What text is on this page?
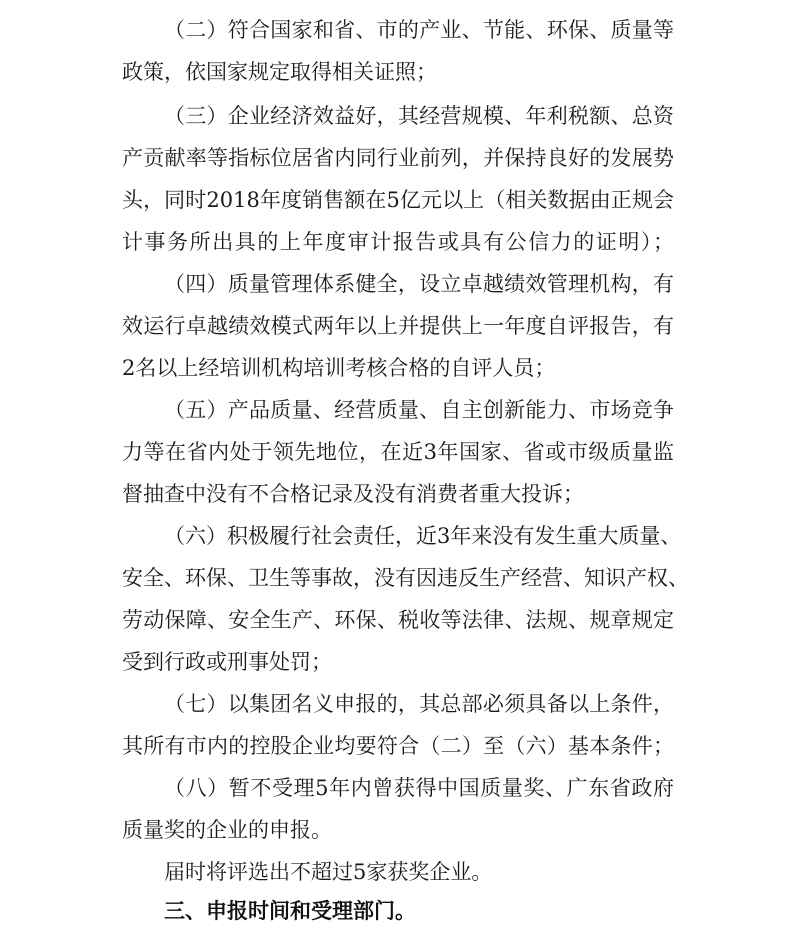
（二）符合国家和省、市的产业、节能、环保、质量等
政策，依国家规定取得相关证照；
（三）企业经济效益好，其经营规模、年利税额、总资
产贡献率等指标位居省内同行业前列，并保持良好的发展势
头，同时2018年度销售额在5亿元以上（相关数据由正规会
计事务所出具的上年度审计报告或具有公信力的证明）；
（四）质量管理体系健全，设立卓越绩效管理机构，有
效运行卓越绩效模式两年以上并提供上一年度自评报告，有
2名以上经培训机构培训考核合格的自评人员；
（五）产品质量、经营质量、自主创新能力、市场竞争
力等在省内处于领先地位，在近3年国家、省或市级质量监
督抽查中没有不合格记录及没有消费者重大投诉；
（六）积极履行社会责任，近3年来没有发生重大质量、
安全、环保、卫生等事故，没有因违反生产经营、知识产权、
劳动保障、安全生产、环保、税收等法律、法规、规章规定
受到行政或刑事处罚；
（七）以集团名义申报的，其总部必须具备以上条件，
其所有市内的控股企业均要符合（二）至（六）基本条件；
（八）暂不受理5年内曾获得中国质量奖、广东省政府
质量奖的企业的申报。
届时将评选出不超过5家获奖企业。
三、申报时间和受理部门。
